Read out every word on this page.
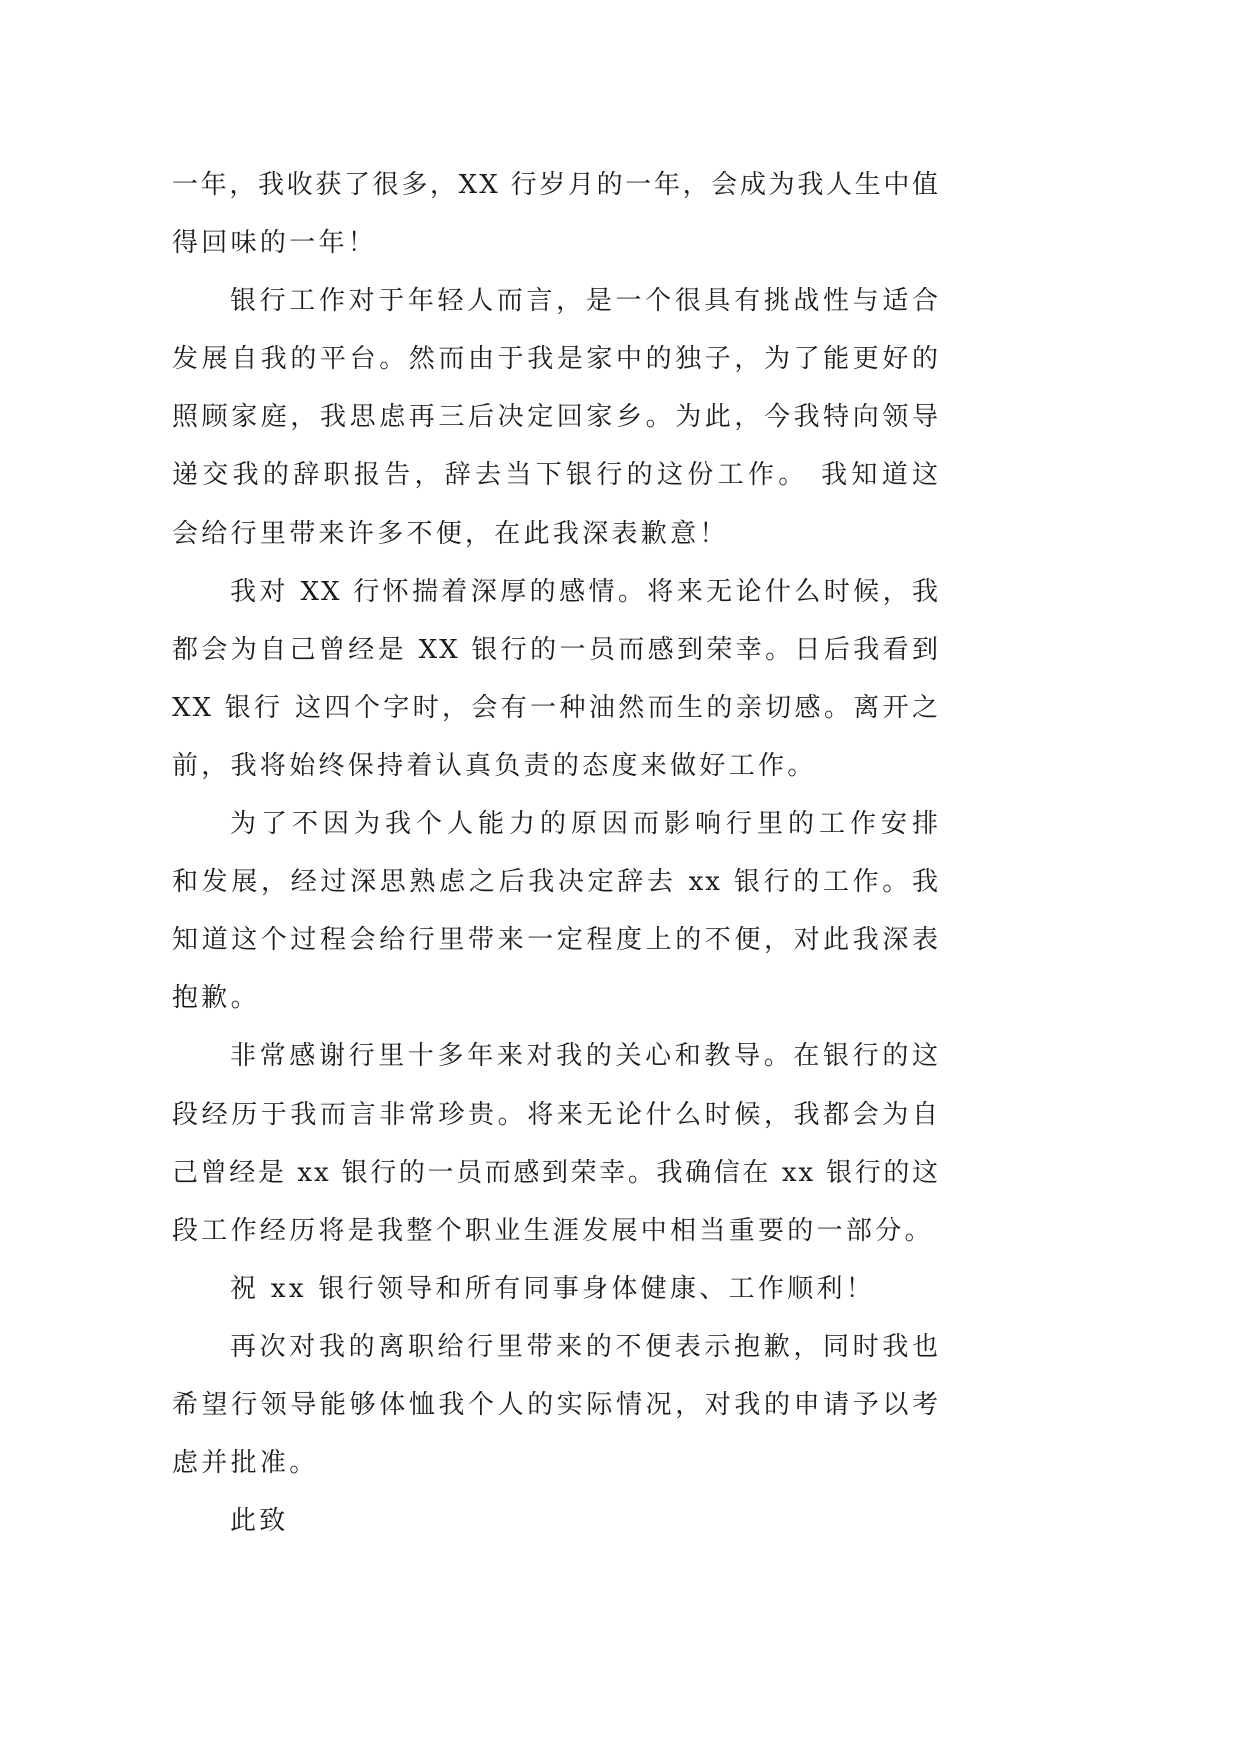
一年，我收获了很多，XX 行岁月的一年，会成为我人生中值
得回味的一年！
银行工作对于年轻人而言，是一个很具有挑战性与适合
发展自我的平台。然而由于我是家中的独子，为了能更好的
照顾家庭，我思虑再三后决定回家乡。为此，今我特向领导
递交我的辞职报告，辞去当下银行的这份工作。 我知道这
会给行里带来许多不便，在此我深表歉意！
我对 XX 行怀揣着深厚的感情。将来无论什么时候，我
都会为自己曾经是 XX 银行的一员而感到荣幸。日后我看到
XX 银行 这四个字时，会有一种油然而生的亲切感。离开之
前，我将始终保持着认真负责的态度来做好工作。
为了不因为我个人能力的原因而影响行里的工作安排
和发展，经过深思熟虑之后我决定辞去 xx 银行的工作。我
知道这个过程会给行里带来一定程度上的不便，对此我深表
抱歉。
非常感谢行里十多年来对我的关心和教导。在银行的这
段经历于我而言非常珍贵。将来无论什么时候，我都会为自
己曾经是 xx 银行的一员而感到荣幸。我确信在 xx 银行的这
段工作经历将是我整个职业生涯发展中相当重要的一部分。
祝 xx 银行领导和所有同事身体健康、工作顺利！
再次对我的离职给行里带来的不便表示抱歉，同时我也
希望行领导能够体恤我个人的实际情况，对我的申请予以考
虑并批准。
此致
